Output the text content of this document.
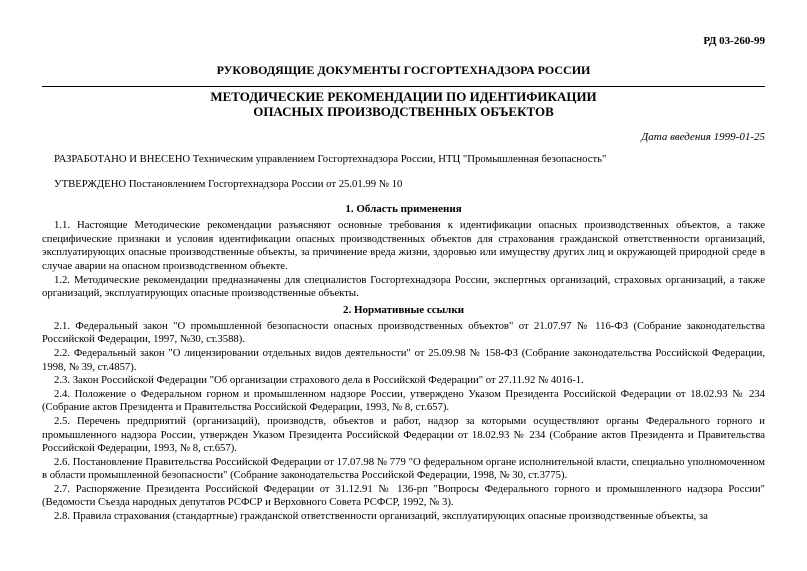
РД 03-260-99
РУКОВОДЯЩИЕ ДОКУМЕНТЫ ГОСГОРТЕХНАДЗОРА РОССИИ
МЕТОДИЧЕСКИЕ РЕКОМЕНДАЦИИ ПО ИДЕНТИФИКАЦИИ
ОПАСНЫХ ПРОИЗВОДСТВЕННЫХ ОБЪЕКТОВ
Дата введения 1999-01-25

РАЗРАБОТАНО И ВНЕСЕНО Техническим управлением Госгортехнадзора России, НТЦ "Промышленная безопасность"

УТВЕРЖДЕНО Постановлением Госгортехнадзора России от 25.01.99 № 10

1. Область применения

1.1. Настоящие Методические рекомендации разъясняют основные требования к идентификации опасных производственных объектов, а также специфические признаки и условия идентификации опасных производственных объектов для страхования гражданской ответственности организаций, эксплуатирующих опасные производственные объекты, за причинение вреда жизни, здоровью или имуществу других лиц и окружающей природной среде в случае аварии на опасном производственном объекте.

1.2. Методические рекомендации предназначены для специалистов Госгортехнадзора России, экспертных организаций, страховых организаций, а также организаций, эксплуатирующих опасные производственные объекты.

2. Нормативные ссылки

2.1. Федеральный закон "О промышленной безопасности опасных производственных объектов" от 21.07.97 № 116-ФЗ (Собрание законодательства Российской Федерации, 1997, №30, ст.3588).

2.2. Федеральный закон "О лицензировании отдельных видов деятельности" от 25.09.98 № 158-ФЗ (Собрание законодательства Российской Федерации, 1998, № 39, ст.4857).

2.3. Закон Российской Федерации "Об организации страхового дела в Российской Федерации" от 27.11.92 № 4016-1.

2.4. Положение о Федеральном горном и промышленном надзоре России, утверждено Указом Президента Российской Федерации от 18.02.93 № 234 (Собрание актов Президента и Правительства Российской Федерации, 1993, № 8, ст.657).

2.5. Перечень предприятий (организаций), производств, объектов и работ, надзор за которыми осуществляют органы Федерального горного и промышленного надзора России, утвержден Указом Президента Российской Федерации от 18.02.93 № 234 (Собрание актов Президента и Правительства Российской Федерации, 1993, № 8, ст.657).

2.6. Постановление Правительства Российской Федерации от 17.07.98 № 779 "О федеральном органе исполнительной власти, специально уполномоченном в области промышленной безопасности" (Собрание законодательства Российской Федерации, 1998, № 30, ст.3775).

2.7. Распоряжение Президента Российской Федерации от 31.12.91 № 136-рп "Вопросы Федерального горного и промышленного надзора России" (Ведомости Съезда народных депутатов РСФСР и Верховного Совета РСФСР, 1992, № 3).

2.8. Правила страхования (стандартные) гражданской ответственности организаций, эксплуатирующих опасные производственные объекты, за
